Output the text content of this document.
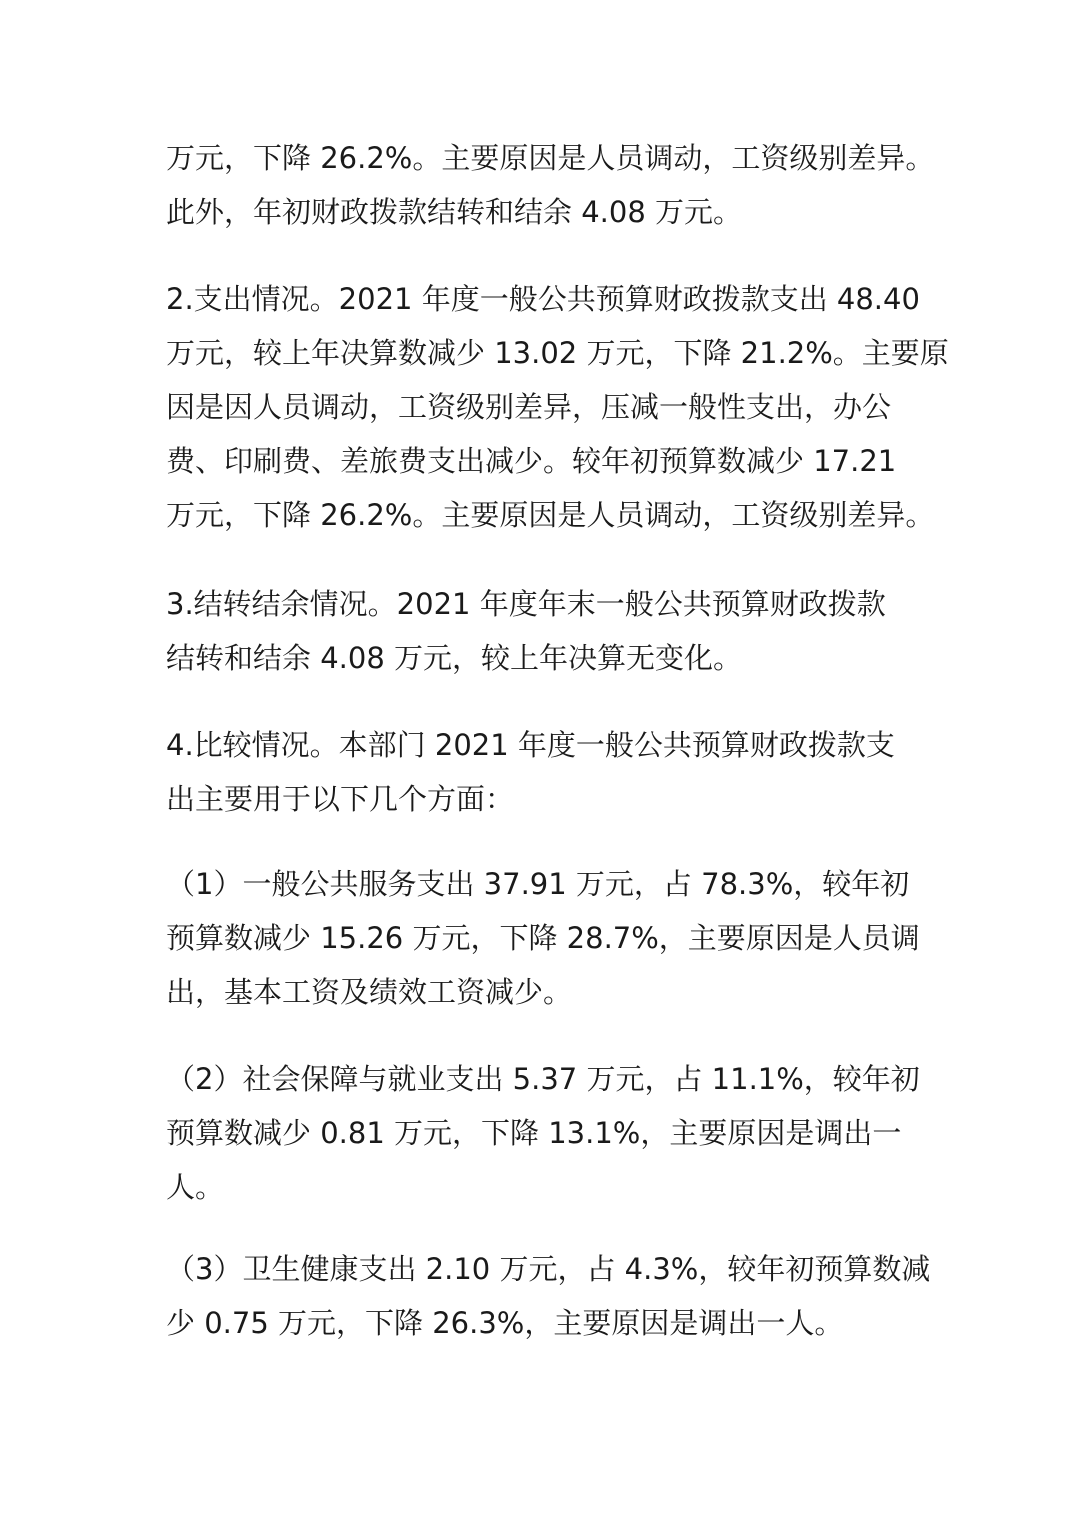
万元，下降 26.2%。主要原因是人员调动，工资级别差异。
此外，年初财政拨款结转和结余 4.08 万元。

2.支出情况。2021 年度一般公共预算财政拨款支出 48.40
万元，较上年决算数减少 13.02 万元，下降 21.2%。主要原
因是因人员调动，工资级别差异，压减一般性支出，办公
费、印刷费、差旅费支出减少。较年初预算数减少 17.21
万元，下降 26.2%。主要原因是人员调动，工资级别差异。

3.结转结余情况。2021 年度年末一般公共预算财政拨款
结转和结余 4.08 万元，较上年决算无变化。

4.比较情况。本部门 2021 年度一般公共预算财政拨款支
出主要用于以下几个方面：

（1）一般公共服务支出 37.91 万元，占 78.3%，较年初
预算数减少 15.26 万元，下降 28.7%，主要原因是人员调
出，基本工资及绩效工资减少。

（2）社会保障与就业支出 5.37 万元，占 11.1%，较年初
预算数减少 0.81 万元，下降 13.1%，主要原因是调出一
人。

（3）卫生健康支出 2.10 万元，占 4.3%，较年初预算数减
少 0.75 万元，下降 26.3%，主要原因是调出一人。
